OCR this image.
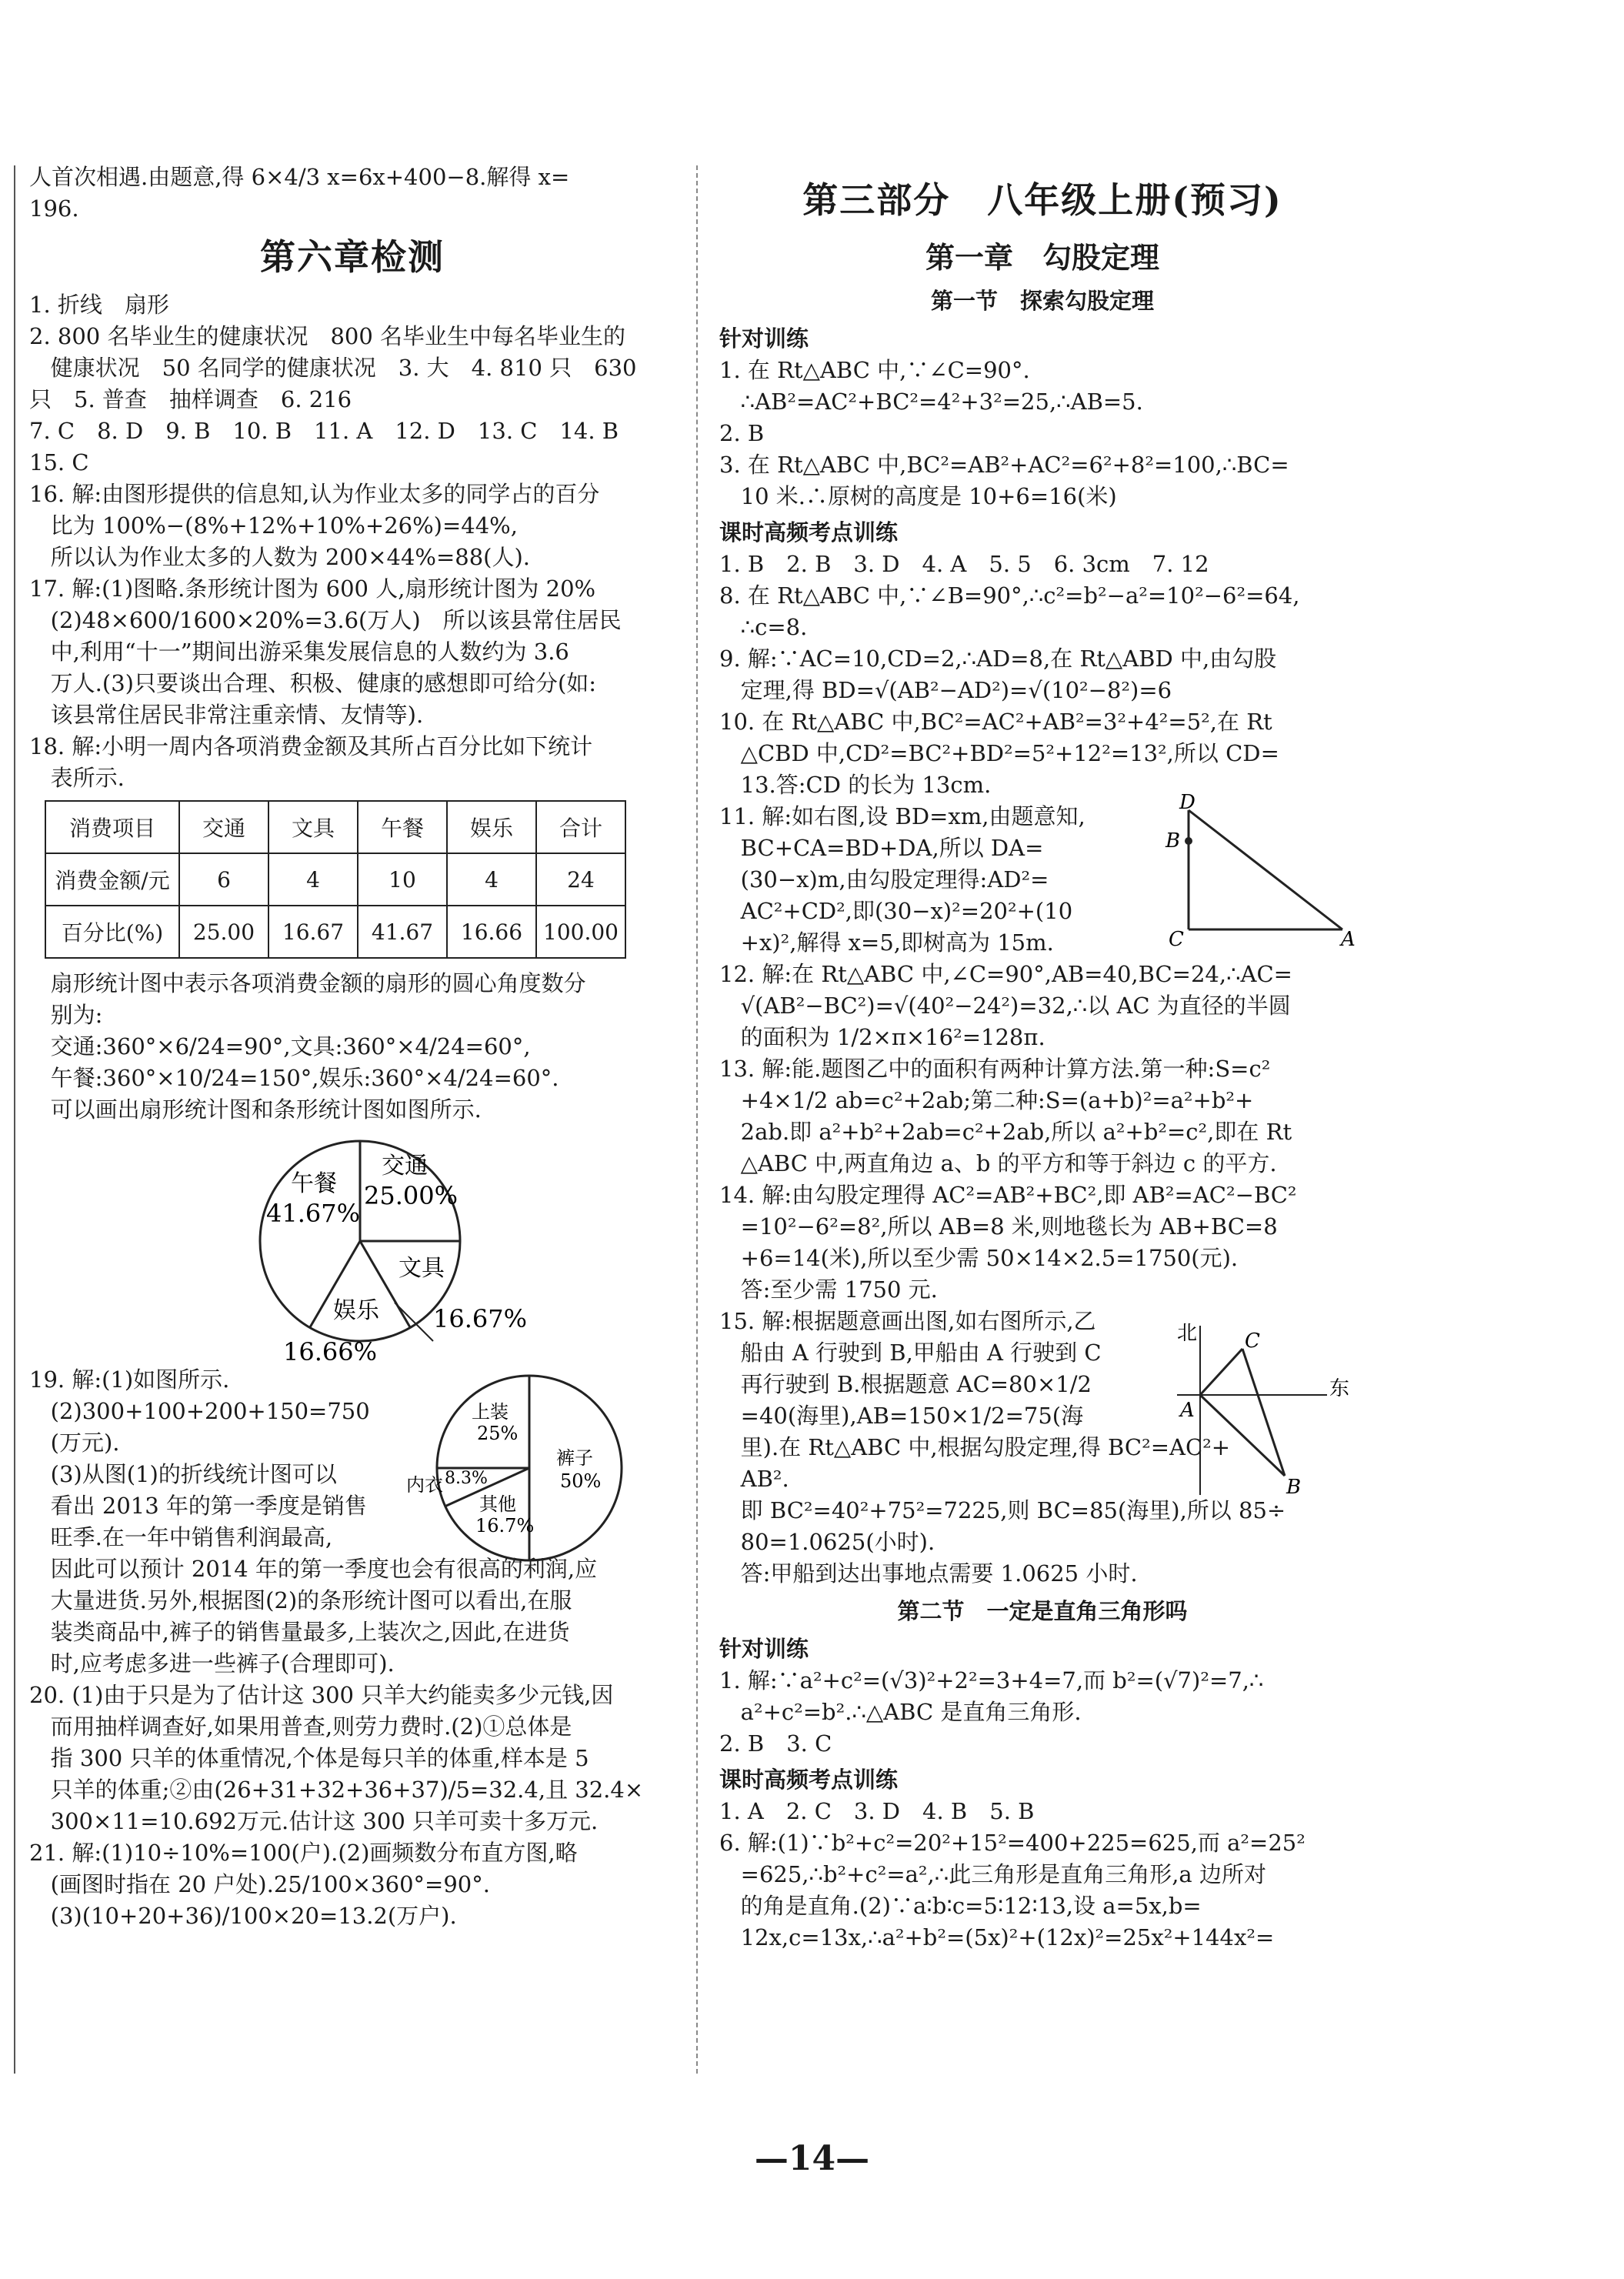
人首次相遇.由题意,得 6×4/3 x=6x+400−8.解得 x=

196.

第六章检测

1. 折线　扇形

2. 800 名毕业生的健康状况　800 名毕业生中每名毕业生的

健康状况　50 名同学的健康状况　3. 大　4. 810 只　630

只　5. 普查　抽样调查　6. 216

7. C　8. D　9. B　10. B　11. A　12. D　13. C　14. B　15. C

16. 解:由图形提供的信息知,认为作业太多的同学占的百分

比为 100%−(8%+12%+10%+26%)=44%,

所以认为作业太多的人数为 200×44%=88(人).

17. 解:(1)图略.条形统计图为 600 人,扇形统计图为 20%

(2)48×600/1600×20%=3.6(万人)　所以该县常住居民

中,利用“十一”期间出游采集发展信息的人数约为 3.6

万人.(3)只要谈出合理、积极、健康的感想即可给分(如:

该县常住居民非常注重亲情、友情等).

18. 解:小明一周内各项消费金额及其所占百分比如下统计

表所示.

消费项目	交通	文具	午餐	娱乐	合计
消费金额/元	6	4	10	4	24
百分比(%)	25.00	16.67	41.67	16.66	100.00

扇形统计图中表示各项消费金额的扇形的圆心角度数分

别为:

交通:360°×6/24=90°,文具:360°×4/24=60°,

午餐:360°×10/24=150°,娱乐:360°×4/24=60°.

可以画出扇形统计图和条形统计图如图所示.

午餐
41.67%
交通
25.00%
文具
娱乐 16.67%
16.66%

19. 解:(1)如图所示.

(2)300+100+200+150=750

(万元).

(3)从图(1)的折线统计图可以

看出 2013 年的第一季度是销售

旺季.在一年中销售利润最高,

因此可以预计 2014 年的第一季度也会有很高的利润,应

大量进货.另外,根据图(2)的条形统计图可以看出,在服

装类商品中,裤子的销售量最多,上装次之,因此,在进货

时,应考虑多进一些裤子(合理即可).

20. (1)由于只是为了估计这 300 只羊大约能卖多少元钱,因

而用抽样调查好,如果用普查,则劳力费时.(2)①总体是

指 300 只羊的体重情况,个体是每只羊的体重,样本是 5

只羊的体重;②由(26+31+32+36+37)/5=32.4,且 32.4×

300×11=10.692万元.估计这 300 只羊可卖十多万元.

21. 解:(1)10÷10%=100(户).(2)画频数分布直方图,略

(画图时指在 20 户处).25/100×360°=90°.

(3)(10+20+36)/100×20=13.2(万户).

上装
25%
裤子
50%
内衣 8.3%
其他
16.7%
第三部分　八年级上册(预习)
第一章　勾股定理
第一节　探索勾股定理
针对训练

1. 在 Rt△ABC 中,∵∠C=90°.

∴AB²=AC²+BC²=4²+3²=25,∴AB=5.

2. B

3. 在 Rt△ABC 中,BC²=AB²+AC²=6²+8²=100,∴BC=

10 米.∴原树的高度是 10+6=16(米)

课时高频考点训练

1. B　2. B　3. D　4. A　5. 5　6. 3cm　7. 12

8. 在 Rt△ABC 中,∵∠B=90°,∴c²=b²−a²=10²−6²=64,

∴c=8.

9. 解:∵AC=10,CD=2,∴AD=8,在 Rt△ABD 中,由勾股

定理,得 BD=√(AB²−AD²)=√(10²−8²)=6

10. 在 Rt△ABC 中,BC²=AC²+AB²=3²+4²=5²,在 Rt

△CBD 中,CD²=BC²+BD²=5²+12²=13²,所以 CD=

13.答:CD 的长为 13cm.

11. 解:如右图,设 BD=xm,由题意知,

BC+CA=BD+DA,所以 DA=

(30−x)m,由勾股定理得:AD²=

AC²+CD²,即(30−x)²=20²+(10

+x)²,解得 x=5,即树高为 15m.

12. 解:在 Rt△ABC 中,∠C=90°,AB=40,BC=24,∴AC=

√(AB²−BC²)=√(40²−24²)=32,∴以 AC 为直径的半圆

的面积为 1/2×π×16²=128π.

13. 解:能.题图乙中的面积有两种计算方法.第一种:S=c²

+4×1/2 ab=c²+2ab;第二种:S=(a+b)²=a²+b²+

2ab.即 a²+b²+2ab=c²+2ab,所以 a²+b²=c²,即在 Rt

△ABC 中,两直角边 a、b 的平方和等于斜边 c 的平方.

14. 解:由勾股定理得 AC²=AB²+BC²,即 AB²=AC²−BC²

=10²−6²=8²,所以 AB=8 米,则地毯长为 AB+BC=8

+6=14(米),所以至少需 50×14×2.5=1750(元).

答:至少需 1750 元.

15. 解:根据题意画出图,如右图所示,乙

船由 A 行驶到 B,甲船由 A 行驶到 C

再行驶到 B.根据题意 AC=80×1/2

=40(海里),AB=150×1/2=75(海

里).在 Rt△ABC 中,根据勾股定理,得 BC²=AC²+

AB².

即 BC²=40²+75²=7225,则 BC=85(海里),所以 85÷

80=1.0625(小时).

答:甲船到达出事地点需要 1.0625 小时.

D
B
C	A
北
东
C
A
B
第二节　一定是直角三角形吗
针对训练

1. 解:∵a²+c²=(√3)²+2²=3+4=7,而 b²=(√7)²=7,∴

a²+c²=b².∴△ABC 是直角三角形.

2. B　3. C

课时高频考点训练

1. A　2. C　3. D　4. B　5. B

6. 解:(1)∵b²+c²=20²+15²=400+225=625,而 a²=25²

=625,∴b²+c²=a²,∴此三角形是直角三角形,a 边所对

的角是直角.(2)∵a∶b∶c=5∶12∶13,设 a=5x,b=

12x,c=13x,∴a²+b²=(5x)²+(12x)²=25x²+144x²=

—14—
